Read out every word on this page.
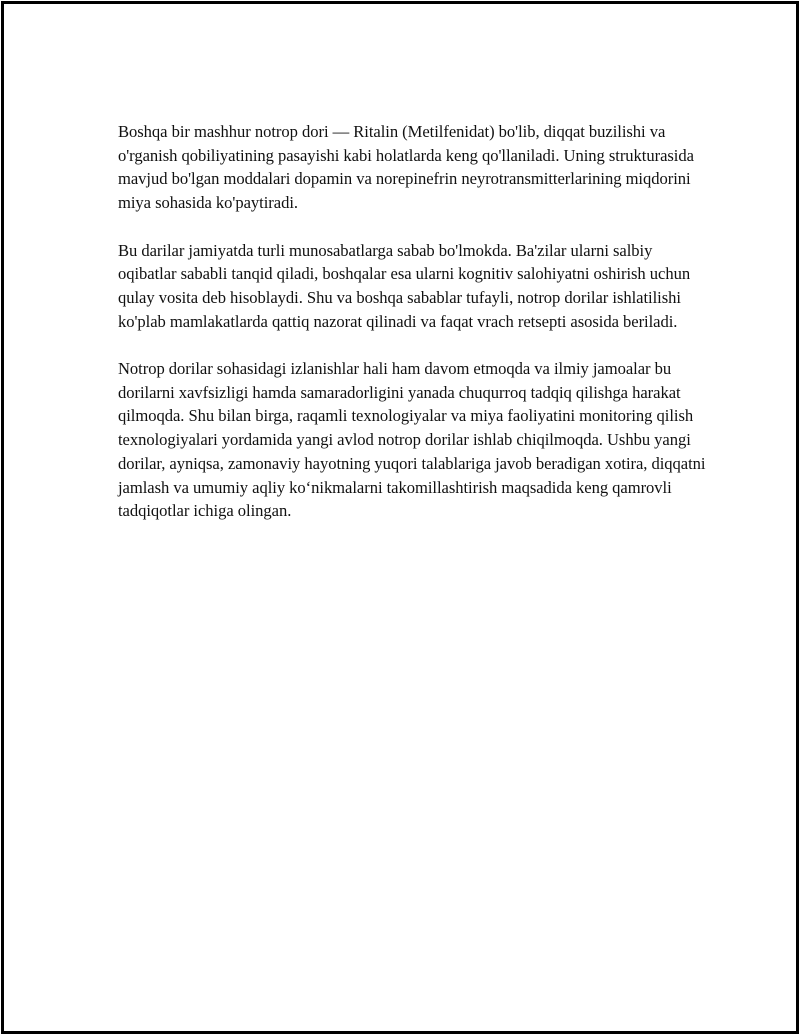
Boshqa bir mashhur notrop dori — Ritalin (Metilfenidat) bo'lib, diqqat buzilishi va o'rganish qobiliyatining pasayishi kabi holatlarda keng qo'llaniladi. Uning strukturasida mavjud bo'lgan moddalari dopamin va norepinefrin neyrotransmitterlarining miqdorini miya sohasida ko'paytiradi.

Bu darilar jamiyatda turli munosabatlarga sabab bo'lmokda. Ba'zilar ularni salbiy oqibatlar sababli tanqid qiladi, boshqalar esa ularni kognitiv salohiyatni oshirish uchun qulay vosita deb hisoblaydi. Shu va boshqa sabablar tufayli, notrop dorilar ishlatilishi ko'plab mamlakatlarda qattiq nazorat qilinadi va faqat vrach retsepti asosida beriladi.

Notrop dorilar sohasidagi izlanishlar hali ham davom etmoqda va ilmiy jamoalar bu dorilarni xavfsizligi hamda samaradorligini yanada chuqurroq tadqiq qilishga harakat qilmoqda. Shu bilan birga, raqamli texnologiyalar va miya faoliyatini monitoring qilish texnologiyalari yordamida yangi avlod notrop dorilar ishlab chiqilmoqda. Ushbu yangi dorilar, ayniqsa, zamonaviy hayotning yuqori talablariga javob beradigan xotira, diqqatni jamlash va umumiy aqliy koʻnikmalarni takomillashtirish maqsadida keng qamrovli tadqiqotlar ichiga olingan.
